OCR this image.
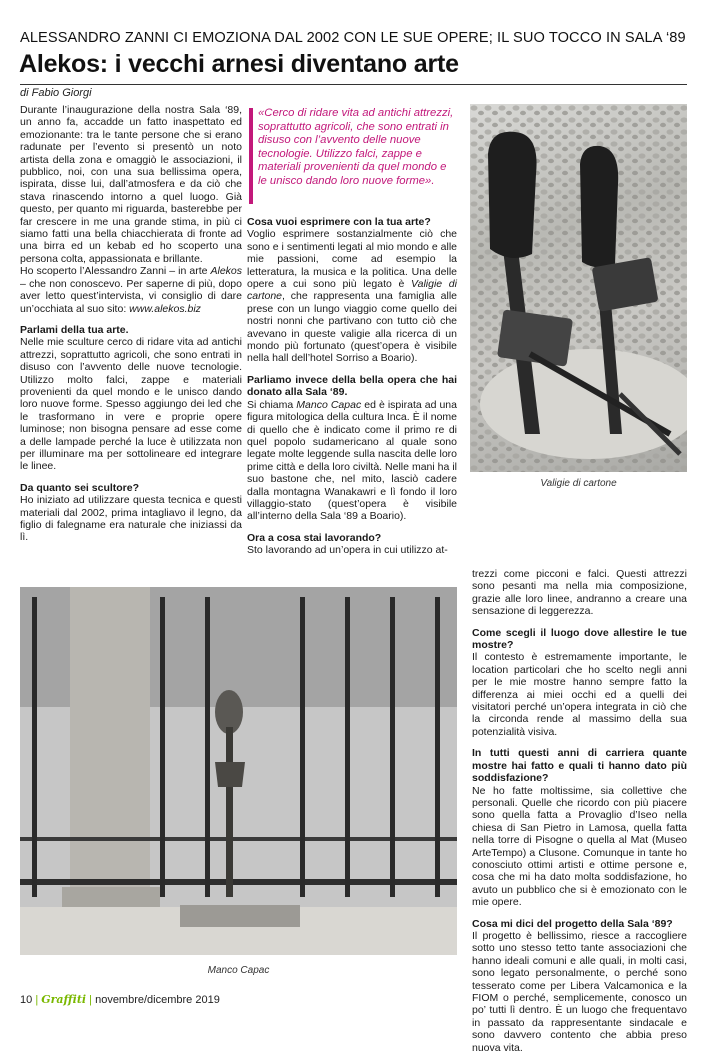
ALESSANDRO ZANNI CI EMOZIONA DAL 2002 CON LE SUE OPERE; IL SUO TOCCO IN SALA ‘89
Alekos: i vecchi arnesi diventano arte
di Fabio Giorgi

Durante l’inaugurazione della nostra Sala ‘89, un anno fa, accadde un fatto inaspettato ed emozionante: tra le tante persone che si erano radunate per l’evento si presentò un noto artista della zona e omaggiò le associazioni, il pubblico, noi, con una sua bellissima opera, ispirata, disse lui, dall’atmosfera e da ciò che stava rinascendo intorno a quel luogo. Già questo, per quanto mi riguarda, basterebbe per far crescere in me una grande stima, in più ci siamo fatti una bella chiacchierata di fronte ad una birra ed un kebab ed ho scoperto una persona colta, appassionata e brillante.

Ho scoperto l’Alessandro Zanni – in arte Alekos – che non conoscevo. Per saperne di più, dopo aver letto quest’intervista, vi consiglio di dare un’occhiata al suo sito: www.alekos.biz

Parlami della tua arte.

Nelle mie sculture cerco di ridare vita ad antichi attrezzi, soprattutto agricoli, che sono entrati in disuso con l’avvento delle nuove tecnologie. Utilizzo molto falci, zappe e materiali provenienti da quel mondo e le unisco dando loro nuove forme. Spesso aggiungo dei led che le trasformano in vere e proprie opere luminose; non bisogna pensare ad esse come a delle lampade perché la luce è utilizzata non per illuminare ma per sottolineare ed integrare le linee.

Da quanto sei scultore?

Ho iniziato ad utilizzare questa tecnica e questi materiali dal 2002, prima intagliavo il legno, da figlio di falegname era naturale che iniziassi da lì.

«Cerco di ridare vita ad antichi attrezzi, soprattutto agricoli, che sono entrati in disuso con l’avvento delle nuove tecnologie. Utilizzo falci, zappe e materiali provenienti da quel mondo e le unisco dando loro nuove forme».

Cosa vuoi esprimere con la tua arte?

Voglio esprimere sostanzialmente ciò che sono e i sentimenti legati al mio mondo e alle mie passioni, come ad esempio la letteratura, la musica e la politica. Una delle opere a cui sono più legato è Valigie di cartone, che rappresenta una famiglia alle prese con un lungo viaggio come quello dei nostri nonni che partivano con tutto ciò che avevano in queste valigie alla ricerca di un mondo più fortunato (quest’opera è visibile nella hall dell’hotel Sorriso a Boario).

Parliamo invece della bella opera che hai donato alla Sala ‘89.

Si chiama Manco Capac ed è ispirata ad una figura mitologica della cultura Inca. È il nome di quello che è indicato come il primo re di quel popolo sudamericano al quale sono legate molte leggende sulla nascita delle loro prime città e della loro civiltà. Nelle mani ha il suo bastone che, nel mito, lasciò cadere dalla montagna Wanakawri e lì fondo il loro villaggio-stato (quest’opera è visibile all’interno della Sala ‘89 a Boario).

Ora a cosa stai lavorando?

Sto lavorando ad un’opera in cui utilizzo at-

Valigie di cartone

trezzi come picconi e falci. Questi attrezzi sono pesanti ma nella mia composizione, grazie alle loro linee, andranno a creare una sensazione di leggerezza.

Come scegli il luogo dove allestire le tue mostre?

Il contesto è estremamente importante, le location particolari che ho scelto negli anni per le mie mostre hanno sempre fatto la differenza ai miei occhi ed a quelli dei visitatori perché un’opera integrata in ciò che la circonda rende al massimo della sua potenzialità visiva.

In tutti questi anni di carriera quante mostre hai fatto e quali ti hanno dato più soddisfazione?

Ne ho fatte moltissime, sia collettive che personali. Quelle che ricordo con più piacere sono quella fatta a Provaglio d’Iseo nella chiesa di San Pietro in Lamosa, quella fatta nella torre di Pisogne o quella al Mat (Museo ArteTempo) a Clusone. Comunque in tante ho conosciuto ottimi artisti e ottime persone e, cosa che mi ha dato molta soddisfazione, ho avuto un pubblico che si è emozionato con le mie opere.

Cosa mi dici del progetto della Sala ‘89?

Il progetto è bellissimo, riesce a raccogliere sotto uno stesso tetto tante associazioni che hanno ideali comuni e alle quali, in molti casi, sono legato personalmente, o perché sono tesserato come per Libera Valcamonica e la FIOM o perché, semplicemente, conosco un po’ tutti lì dentro. È un luogo che frequentavo in passato da rappresentante sindacale e sono davvero contento che abbia preso nuova vita.

Manco Capac
10 | Graffiti | novembre/dicembre 2019
